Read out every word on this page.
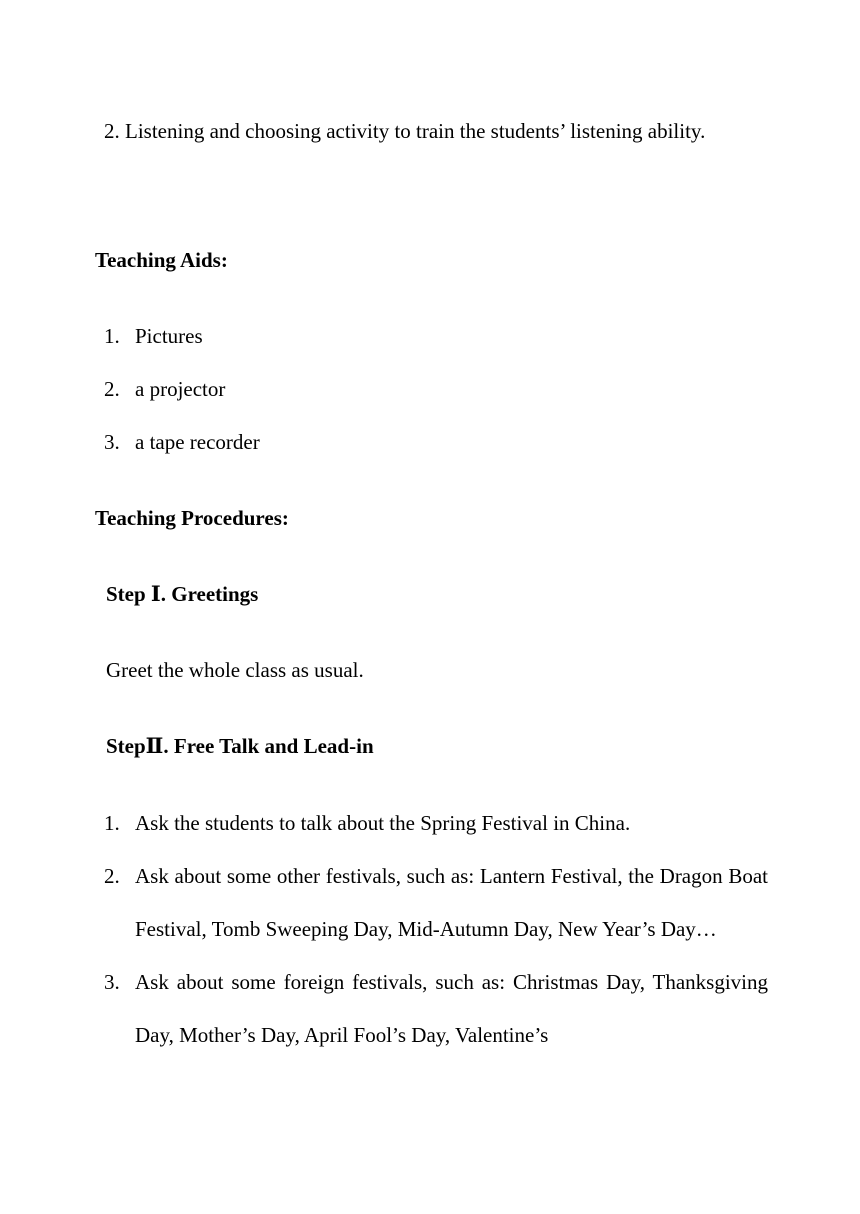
2. Listening and choosing activity to train the students’ listening ability.

Teaching Aids:

1. Pictures
2. a projector
3. a tape recorder

Teaching Procedures:

Step Ⅰ. Greetings

Greet the whole class as usual.

StepⅡ. Free Talk and Lead-in

1. Ask the students to talk about the Spring Festival in China.
2. Ask about some other festivals, such as: Lantern Festival, the Dragon Boat Festival, Tomb Sweeping Day, Mid-Autumn Day, New Year’s Day…
3. Ask about some foreign festivals, such as: Christmas Day, Thanksgiving Day, Mother’s Day, April Fool’s Day, Valentine’s
